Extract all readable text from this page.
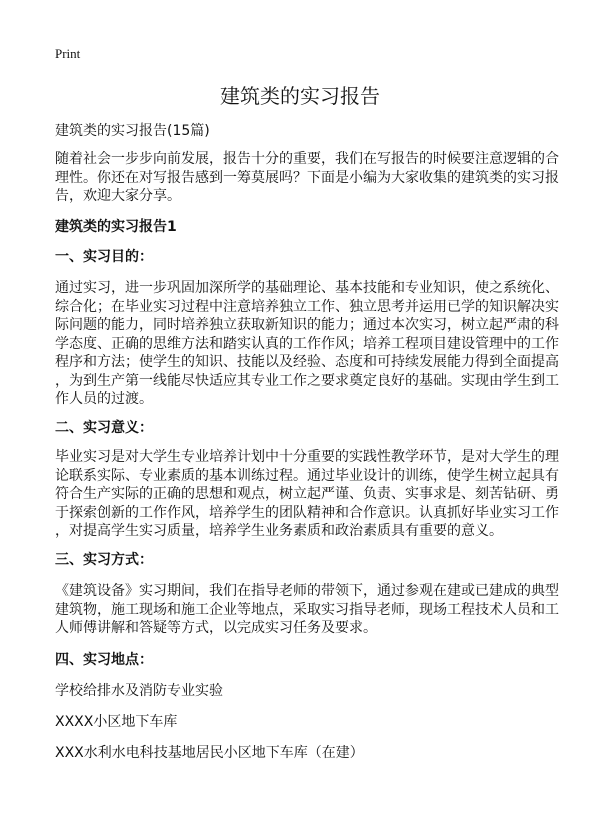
Print
建筑类的实习报告
建筑类的实习报告(15篇)
随着社会一步步向前发展，报告十分的重要，我们在写报告的时候要注意逻辑的合
理性。你还在对写报告感到一筹莫展吗？下面是小编为大家收集的建筑类的实习报
告，欢迎大家分享。
建筑类的实习报告1
一、实习目的：
通过实习，进一步巩固加深所学的基础理论、基本技能和专业知识，使之系统化、
综合化；在毕业实习过程中注意培养独立工作、独立思考并运用已学的知识解决实
际问题的能力，同时培养独立获取新知识的能力；通过本次实习，树立起严肃的科
学态度、正确的思维方法和踏实认真的工作作风；培养工程项目建设管理中的工作
程序和方法；使学生的知识、技能以及经验、态度和可持续发展能力得到全面提高
，为到生产第一线能尽快适应其专业工作之要求奠定良好的基础。实现由学生到工
作人员的过渡。
二、实习意义：
毕业实习是对大学生专业培养计划中十分重要的实践性教学环节，是对大学生的理
论联系实际、专业素质的基本训练过程。通过毕业设计的训练，使学生树立起具有
符合生产实际的正确的思想和观点，树立起严谨、负责、实事求是、刻苦钻研、勇
于探索创新的工作作风，培养学生的团队精神和合作意识。认真抓好毕业实习工作
，对提高学生实习质量，培养学生业务素质和政治素质具有重要的意义。
三、实习方式：
《建筑设备》实习期间，我们在指导老师的带领下，通过参观在建或已建成的典型
建筑物，施工现场和施工企业等地点，采取实习指导老师，现场工程技术人员和工
人师傅讲解和答疑等方式，以完成实习任务及要求。
四、实习地点：
学校给排水及消防专业实验
XXXX小区地下车库
XXX水利水电科技基地居民小区地下车库（在建）
